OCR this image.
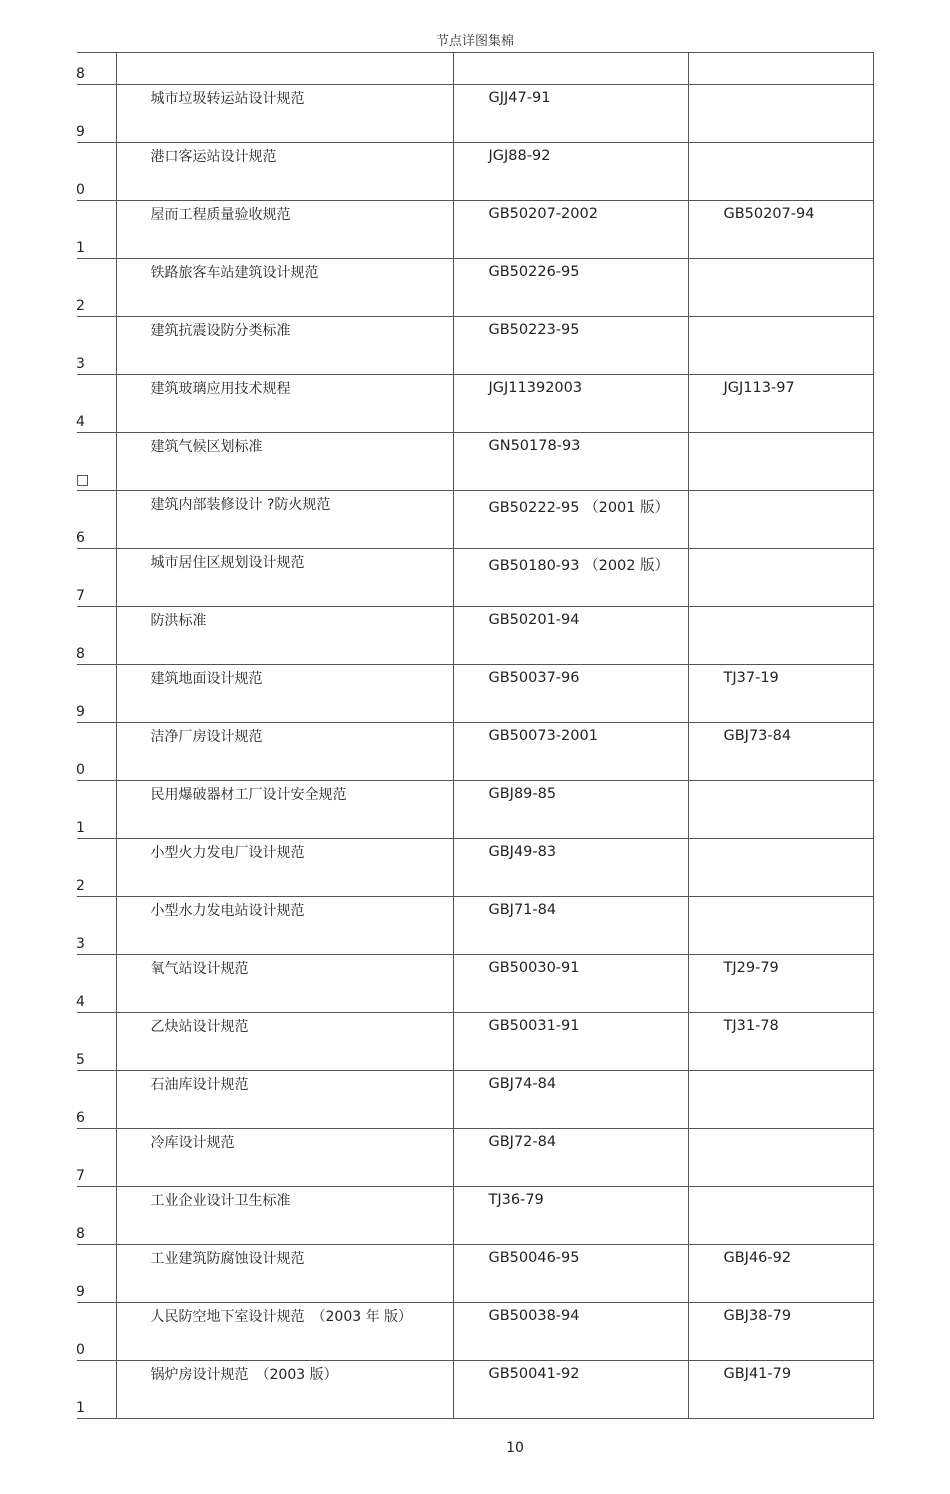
节点详图集棉
8			

9	城市垃圾转运站设计规范	GJJ47-91	

0	港口客运站设计规范	JGJ88-92	

1	屋而工程质量验收规范	GB50207-2002	GB50207-94

2	铁路旅客车站建筑设计规范	GB50226-95	

3	建筑抗震设防分类标准	GB50223-95	

4	建筑玻璃应用技术规程	JGJ11392003	JGJ113-97

□	建筑气候区划标准	GN50178-93	

6	建筑内部装修设计 ?防火规范	GB50222-95 （2001 版）	

7	城市居住区规划设计规范	GB50180-93 （2002 版）	

8	防洪标准	GB50201-94	

9	建筑地面设计规范	GB50037-96	TJ37-19

0	洁净厂房设计规范	GB50073-2001	GBJ73-84

1	民用爆破器材工厂设计安全规范	GBJ89-85	

2	小型火力发电厂设计规范	GBJ49-83	

3	小型水力发电站设计规范	GBJ71-84	

4	氧气站设计规范	GB50030-91	TJ29-79

5	乙炔站设计规范	GB50031-91	TJ31-78

6	石油库设计规范	GBJ74-84	

7	冷库设计规范	GBJ72-84	

8	工业企业设计卫生标准	TJ36-79	

9	工业建筑防腐蚀设计规范	GB50046-95	GBJ46-92

0	人民防空地下室设计规范　（2003 年 版）	GB50038-94	GBJ38-79

1	锅炉房设计规范　（2003 版）	GB50041-92	GBJ41-79
10
